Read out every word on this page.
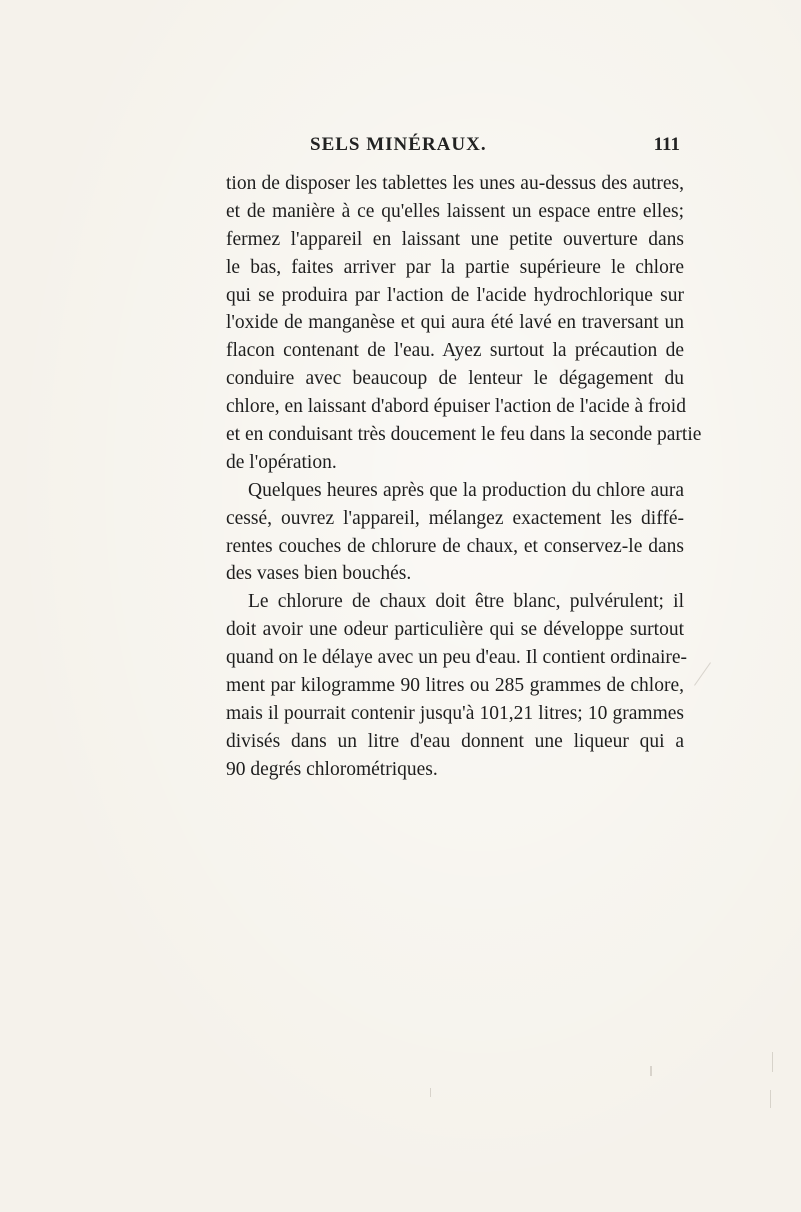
SELS MINÉRAUX.	111
tion de disposer les tablettes les unes au-dessus des autres,
et de manière à ce qu'elles laissent un espace entre elles;
fermez l'appareil en laissant une petite ouverture dans
le bas, faites arriver par la partie supérieure le chlore
qui se produira par l'action de l'acide hydrochlorique sur
l'oxide de manganèse et qui aura été lavé en traversant un
flacon contenant de l'eau. Ayez surtout la précaution de
conduire avec beaucoup de lenteur le dégagement du
chlore, en laissant d'abord épuiser l'action de l'acide à froid
et en conduisant très doucement le feu dans la seconde partie
de l'opération.
Quelques heures après que la production du chlore aura
cessé, ouvrez l'appareil, mélangez exactement les diffé-
rentes couches de chlorure de chaux, et conservez-le dans
des vases bien bouchés.
Le chlorure de chaux doit être blanc, pulvérulent; il
doit avoir une odeur particulière qui se développe surtout
quand on le délaye avec un peu d'eau. Il contient ordinaire-
ment par kilogramme 90 litres ou 285 grammes de chlore,
mais il pourrait contenir jusqu'à 101,21 litres; 10 grammes
divisés dans un litre d'eau donnent une liqueur qui a
90 degrés chlorométriques.
